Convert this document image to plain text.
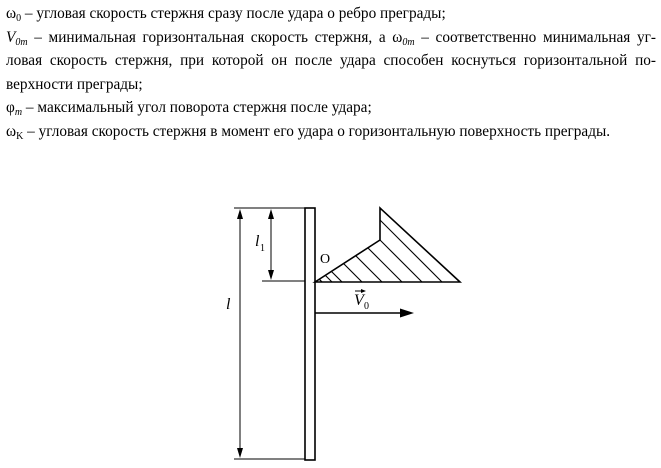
$\omega_0$ – угловая скорость стержня сразу после удара о ребро преграды;
$V_{0m}$ – минимальная горизонтальная скорость стержня, а $\omega_{0m}$ – соответственно минимальная уг-
ловая скорость стержня, при которой он после удара способен коснуться горизонтальной по-
верхности преграды;
$\varphi_m$ – максимальный угол поворота стержня после удара;
$\omega_K$ – угловая скорость стержня в момент его удара о горизонтальную поверхность преграды.
l 1
l
O
V 0
